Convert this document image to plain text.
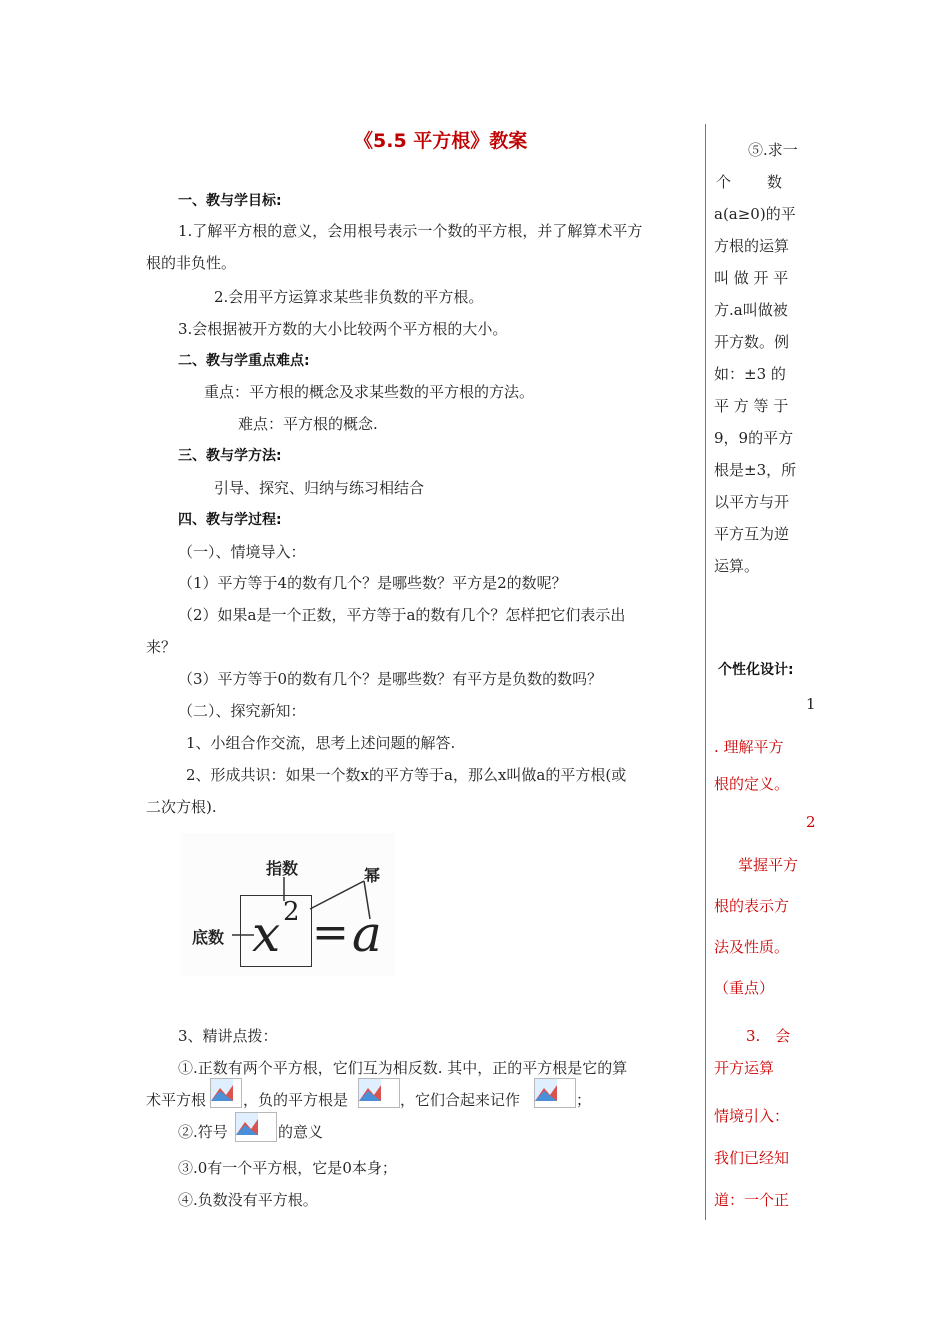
《5.5 平方根》教案
一、教与学目标:
1.了解平方根的意义，会用根号表示一个数的平方根，并了解算术平方
根的非负性。
2.会用平方运算求某些非负数的平方根。
3.会根据被开方数的大小比较两个平方根的大小。
二、教与学重点难点:
重点：平方根的概念及求某些数的平方根的方法。
难点：平方根的概念.
三、教与学方法:
引导、探究、归纳与练习相结合
四、教与学过程:
（一）、情境导入：
（1）平方等于4的数有几个？是哪些数？平方是2的数呢？
（2）如果a是一个正数，平方等于a的数有几个？怎样把它们表示出
来？
（3）平方等于0的数有几个？是哪些数？有平方是负数的数吗？
（二）、探究新知：
1、小组合作交流，思考上述问题的解答.
2、形成共识：如果一个数x的平方等于a，那么x叫做a的平方根(或
二次方根).
指数	幂
底数 x 2 = a
3、精讲点拨：
①.正数有两个平方根，它们互为相反数. 其中，正的平方根是它的算
术平方根 ，负的平方根是	，它们合起来记作	；
②.符号	的意义
③.0有一个平方根，它是0本身；
④.负数没有平方根。
⑤.求一
个　　数
a(a≥0)的平
方根的运算
叫 做 开 平
方.a叫做被
开方数。例
如：±3 的
平 方 等 于
9，9的平方
根是±3，所
以平方与开
平方互为逆
运算。
个性化设计:
1
. 理解平方
根的定义。
2
掌握平方
根的表示方
法及性质。
（重点）
3.　会
开方运算
情境引入：
我们已经知
道：一个正
